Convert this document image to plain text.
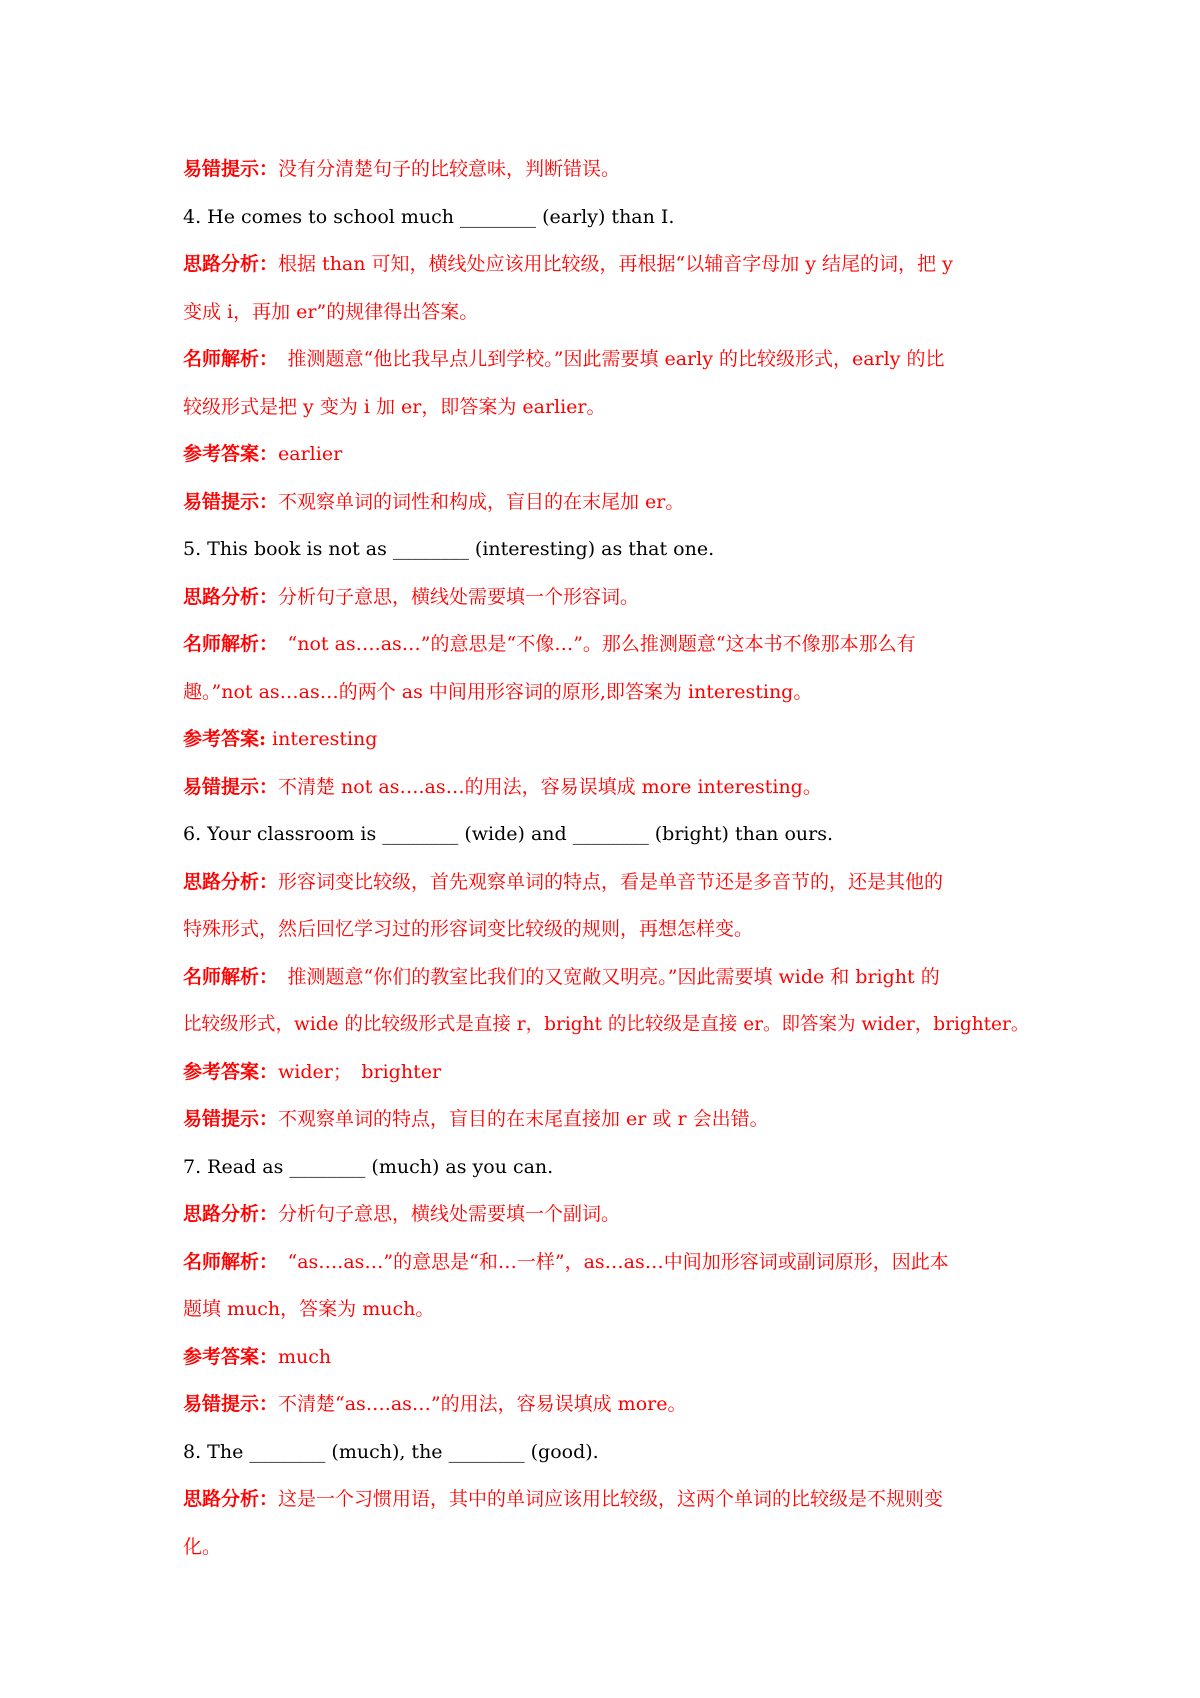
易错提示：没有分清楚句子的比较意味，判断错误。
4. He comes to school much ________ (early) than I.
思路分析：根据 than 可知，横线处应该用比较级，再根据“以辅音字母加 y 结尾的词，把 y
变成 i，再加 er”的规律得出答案。
名师解析：　推测题意“他比我早点儿到学校。”因此需要填 early 的比较级形式，early 的比
较级形式是把 y 变为 i 加 er，即答案为 earlier。
参考答案：earlier
易错提示：不观察单词的词性和构成，盲目的在末尾加 er。
5. This book is not as ________ (interesting) as that one.
思路分析：分析句子意思，横线处需要填一个形容词。
名师解析：　“not as….as…”的意思是“不像…”。那么推测题意“这本书不像那本那么有
趣。”not as…as…的两个 as 中间用形容词的原形,即答案为 interesting。
参考答案: interesting
易错提示：不清楚 not as….as…的用法，容易误填成 more interesting。
6. Your classroom is ________ (wide) and ________ (bright) than ours.
思路分析：形容词变比较级，首先观察单词的特点，看是单音节还是多音节的，还是其他的
特殊形式，然后回忆学习过的形容词变比较级的规则，再想怎样变。
名师解析：　推测题意“你们的教室比我们的又宽敞又明亮。”因此需要填 wide 和 bright 的
比较级形式，wide 的比较级形式是直接 r，bright 的比较级是直接 er。即答案为 wider，brighter。
参考答案：wider；　brighter
易错提示：不观察单词的特点，盲目的在末尾直接加 er 或 r 会出错。
7. Read as ________ (much) as you can.
思路分析：分析句子意思，横线处需要填一个副词。
名师解析：　“as….as…”的意思是“和…一样”，as…as…中间加形容词或副词原形，因此本
题填 much，答案为 much。
参考答案：much
易错提示：不清楚“as….as…”的用法，容易误填成 more。
8. The ________ (much), the ________ (good).
思路分析：这是一个习惯用语，其中的单词应该用比较级，这两个单词的比较级是不规则变
化。
